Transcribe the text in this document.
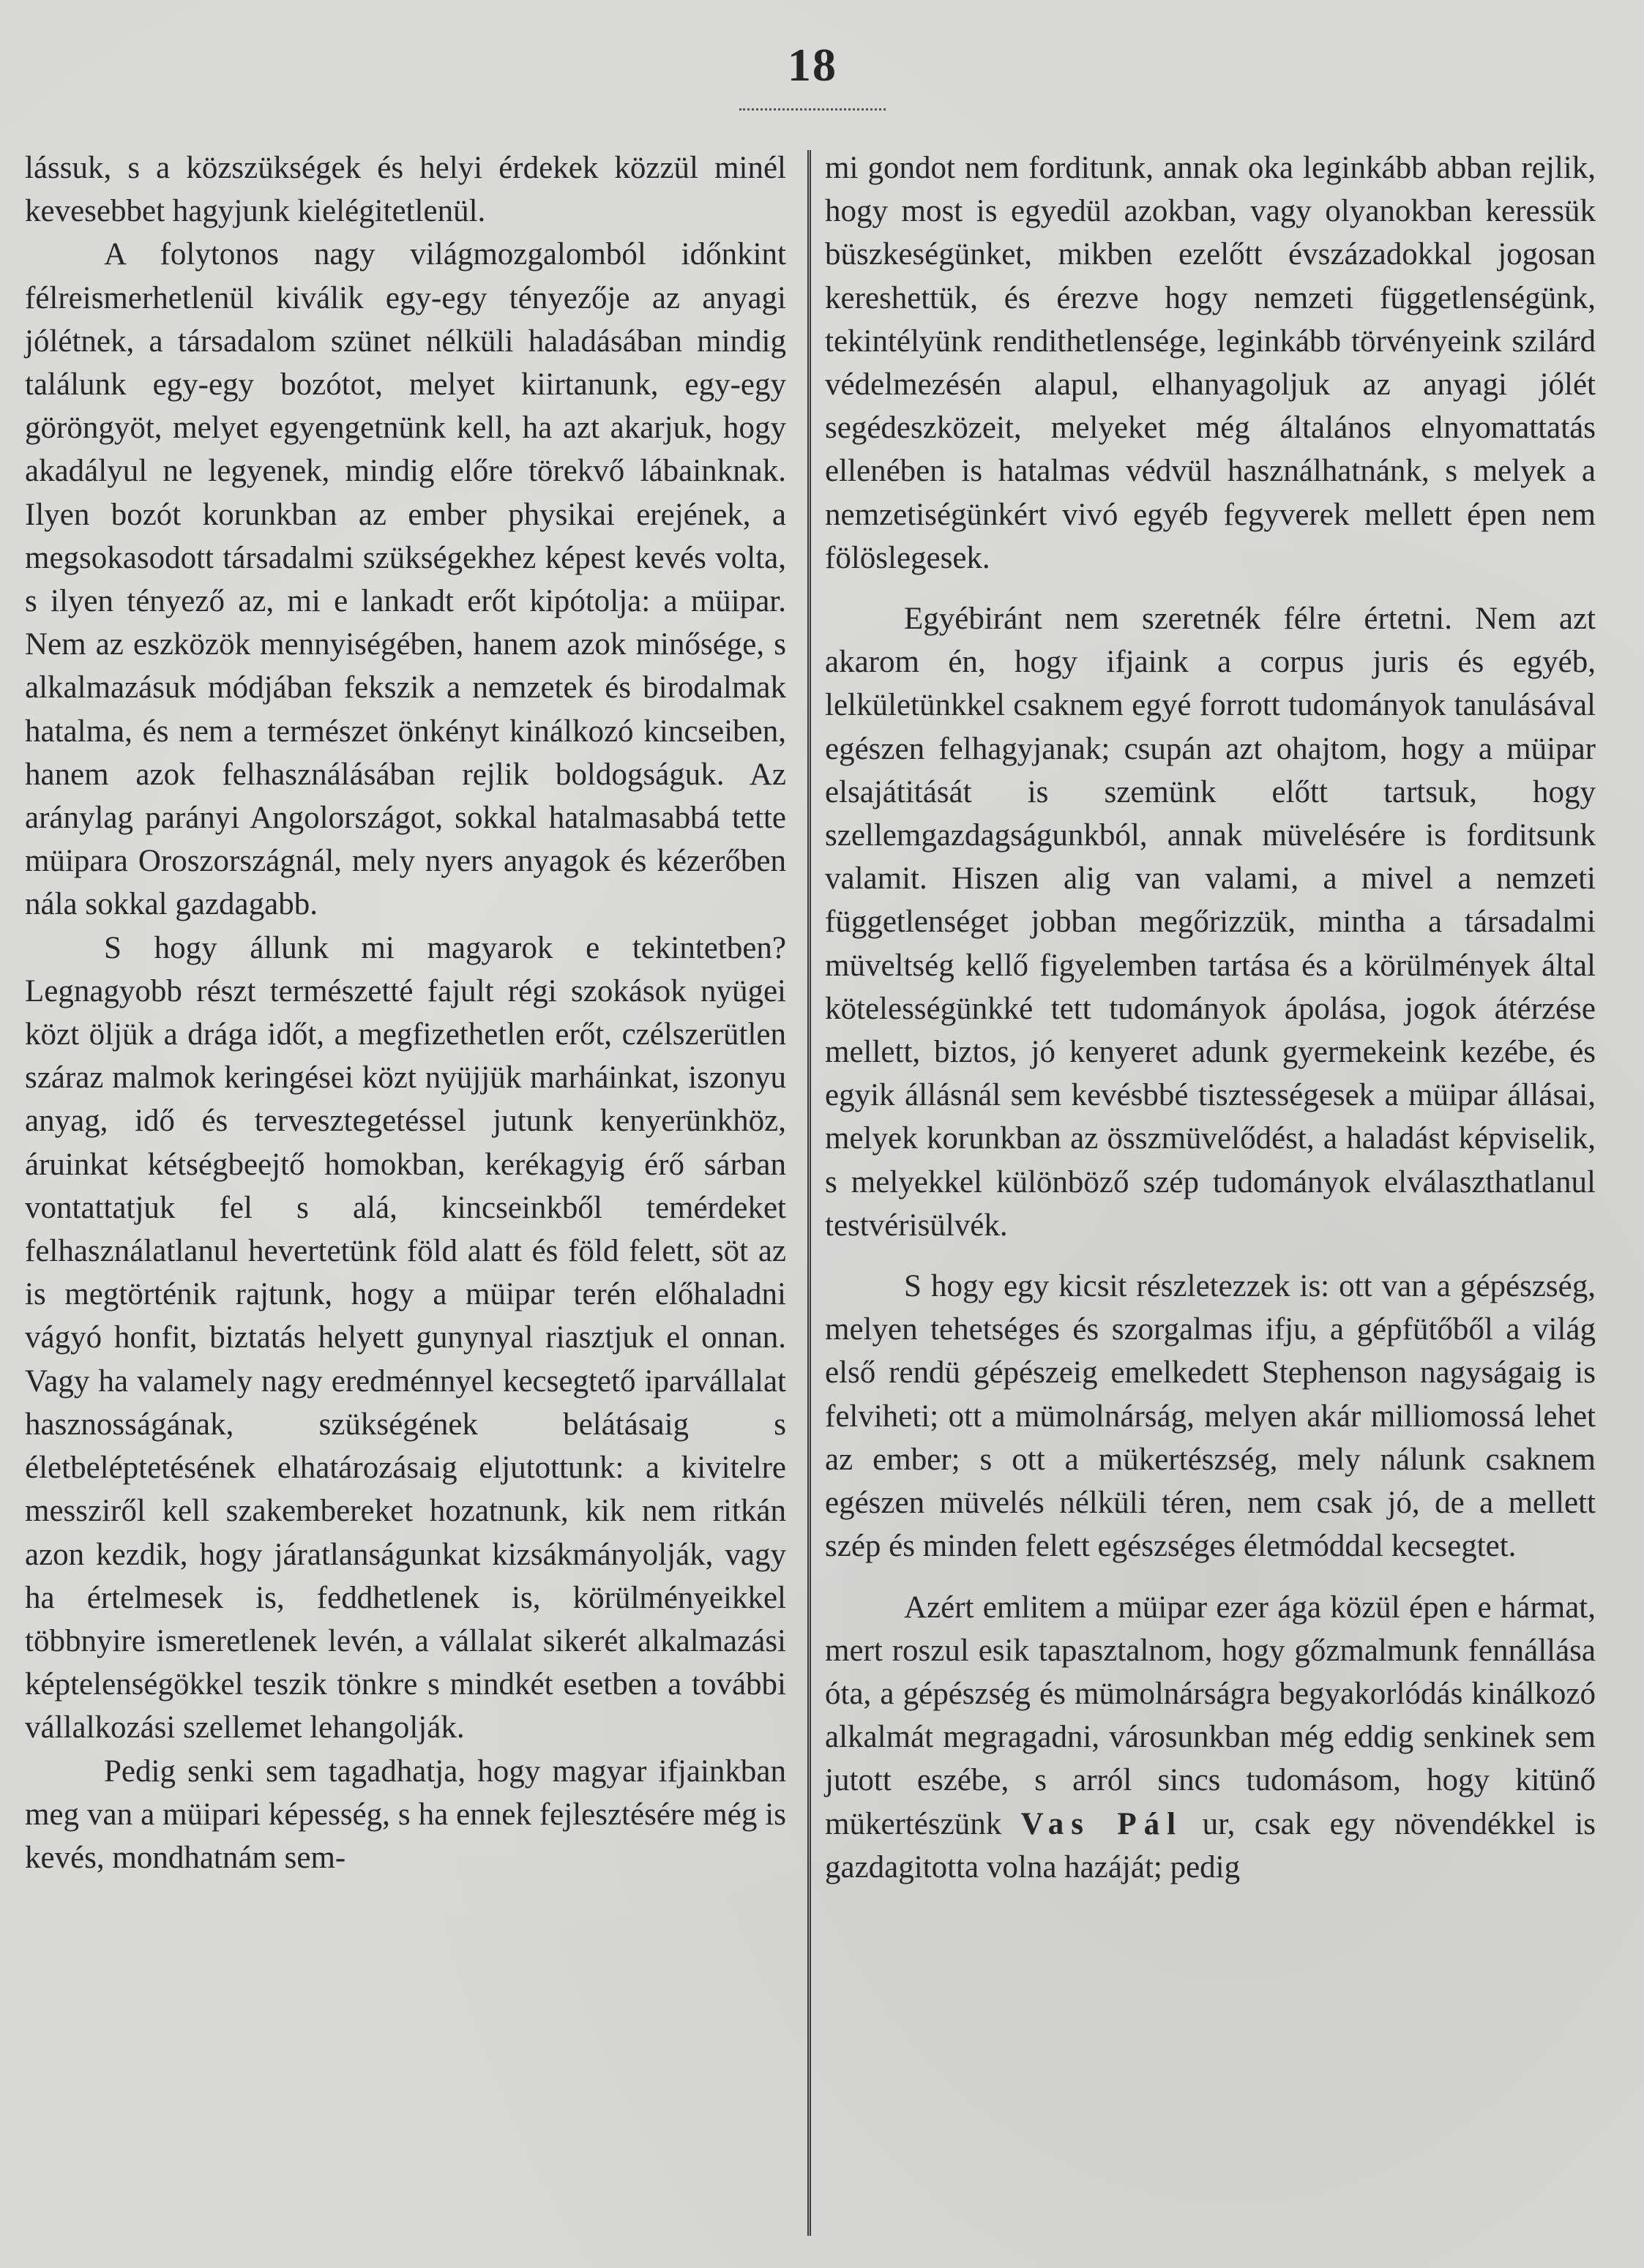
18

lássuk, s a közszükségek és helyi érdekek közzül minél kevesebbet hagyjunk kielégitetlenül.

A folytonos nagy világmozgalomból időnkint félreismerhetlenül kiválik egy-egy tényezője az anyagi jólétnek, a társadalom szünet nélküli haladásában mindig találunk egy-egy bozótot, melyet kiirtanunk, egy-egy göröngyöt, melyet egyengetnünk kell, ha azt akarjuk, hogy akadályul ne legyenek, mindig előre törekvő lábainknak. Ilyen bozót korunkban az ember physikai erejének, a megsokasodott társadalmi szükségekhez képest kevés volta, s ilyen tényező az, mi e lankadt erőt kipótolja: a müipar. Nem az eszközök mennyiségében, hanem azok minősége, s alkalmazásuk módjában fekszik a nemzetek és birodalmak hatalma, és nem a természet önkényt kinálkozó kincseiben, hanem azok felhasználásában rejlik boldogságuk. Az aránylag parányi Angolországot, sokkal hatalmasabbá tette müipara Oroszországnál, mely nyers anyagok és kézerőben nála sokkal gazdagabb.

S hogy állunk mi magyarok e tekintetben? Legnagyobb részt természetté fajult régi szokások nyügei közt öljük a drága időt, a megfizethetlen erőt, czélszerütlen száraz malmok keringései közt nyüjjük marháinkat, iszonyu anyag, idő és tervesztegetéssel jutunk kenyerünkhöz, áruinkat kétségbeejtő homokban, kerékagyig érő sárban vontattatjuk fel s alá, kincseinkből temérdeket felhasználatlanul hevertetünk föld alatt és föld felett, söt az is megtörténik rajtunk, hogy a müipar terén előhaladni vágyó honfit, biztatás helyett gunynyal riasztjuk el onnan. Vagy ha valamely nagy eredménnyel kecsegtető iparvállalat hasznosságának, szükségének belátásaig s életbeléptetésének elhatározásaig eljutottunk: a kivitelre messziről kell szakembereket hozatnunk, kik nem ritkán azon kezdik, hogy járatlanságunkat kizsákmányolják, vagy ha értelmesek is, feddhetlenek is, körülményeikkel többnyire ismeretlenek levén, a vállalat sikerét alkalmazási képtelenségökkel teszik tönkre s mindkét esetben a további vállalkozási szellemet lehangolják.

Pedig senki sem tagadhatja, hogy magyar ifjainkban meg van a müipari képesség, s ha ennek fejlesztésére még is kevés, mondhatnám sem-

mi gondot nem forditunk, annak oka leginkább abban rejlik, hogy most is egyedül azokban, vagy olyanokban keressük büszkeségünket, mikben ezelőtt évszázadokkal jogosan kereshettük, és érezve hogy nemzeti függetlenségünk, tekintélyünk rendithetlensége, leginkább törvényeink szilárd védelmezésén alapul, elhanyagoljuk az anyagi jólét segédeszközeit, melyeket még általános elnyomattatás ellenében is hatalmas védvül használhatnánk, s melyek a nemzetiségünkért vivó egyéb fegyverek mellett épen nem fölöslegesek.

Egyébiránt nem szeretnék félre értetni. Nem azt akarom én, hogy ifjaink a corpus juris és egyéb, lelkületünkkel csaknem egyé forrott tudományok tanulásával egészen felhagyjanak; csupán azt ohajtom, hogy a müipar elsajátitását is szemünk előtt tartsuk, hogy szellemgazdagságunkból, annak müvelésére is forditsunk valamit. Hiszen alig van valami, a mivel a nemzeti függetlenséget jobban megőrizzük, mintha a társadalmi müveltség kellő figyelemben tartása és a körülmények által kötelességünkké tett tudományok ápolása, jogok átérzése mellett, biztos, jó kenyeret adunk gyermekeink kezébe, és egyik állásnál sem kevésbbé tisztességesek a müipar állásai, melyek korunkban az összmüvelődést, a haladást képviselik, s melyekkel különböző szép tudományok elválaszthatlanul testvérisülvék.

S hogy egy kicsit részletezzek is: ott van a gépészség, melyen tehetséges és szorgalmas ifju, a gépfütőből a világ első rendü gépészeig emelkedett Stephenson nagyságaig is felviheti; ott a mümolnárság, melyen akár milliomossá lehet az ember; s ott a mükertészség, mely nálunk csaknem egészen müvelés nélküli téren, nem csak jó, de a mellett szép és minden felett egészséges életmóddal kecsegtet.

Azért emlitem a müipar ezer ága közül épen e hármat, mert roszul esik tapasztalnom, hogy gőzmalmunk fennállása óta, a gépészség és mümolnárságra begyakorlódás kinálkozó alkalmát megragadni, városunkban még eddig senkinek sem jutott eszébe, s arról sincs tudomásom, hogy kitünő mükertészünk Vas Pál ur, csak egy növendékkel is gazdagitotta volna hazáját; pedig
